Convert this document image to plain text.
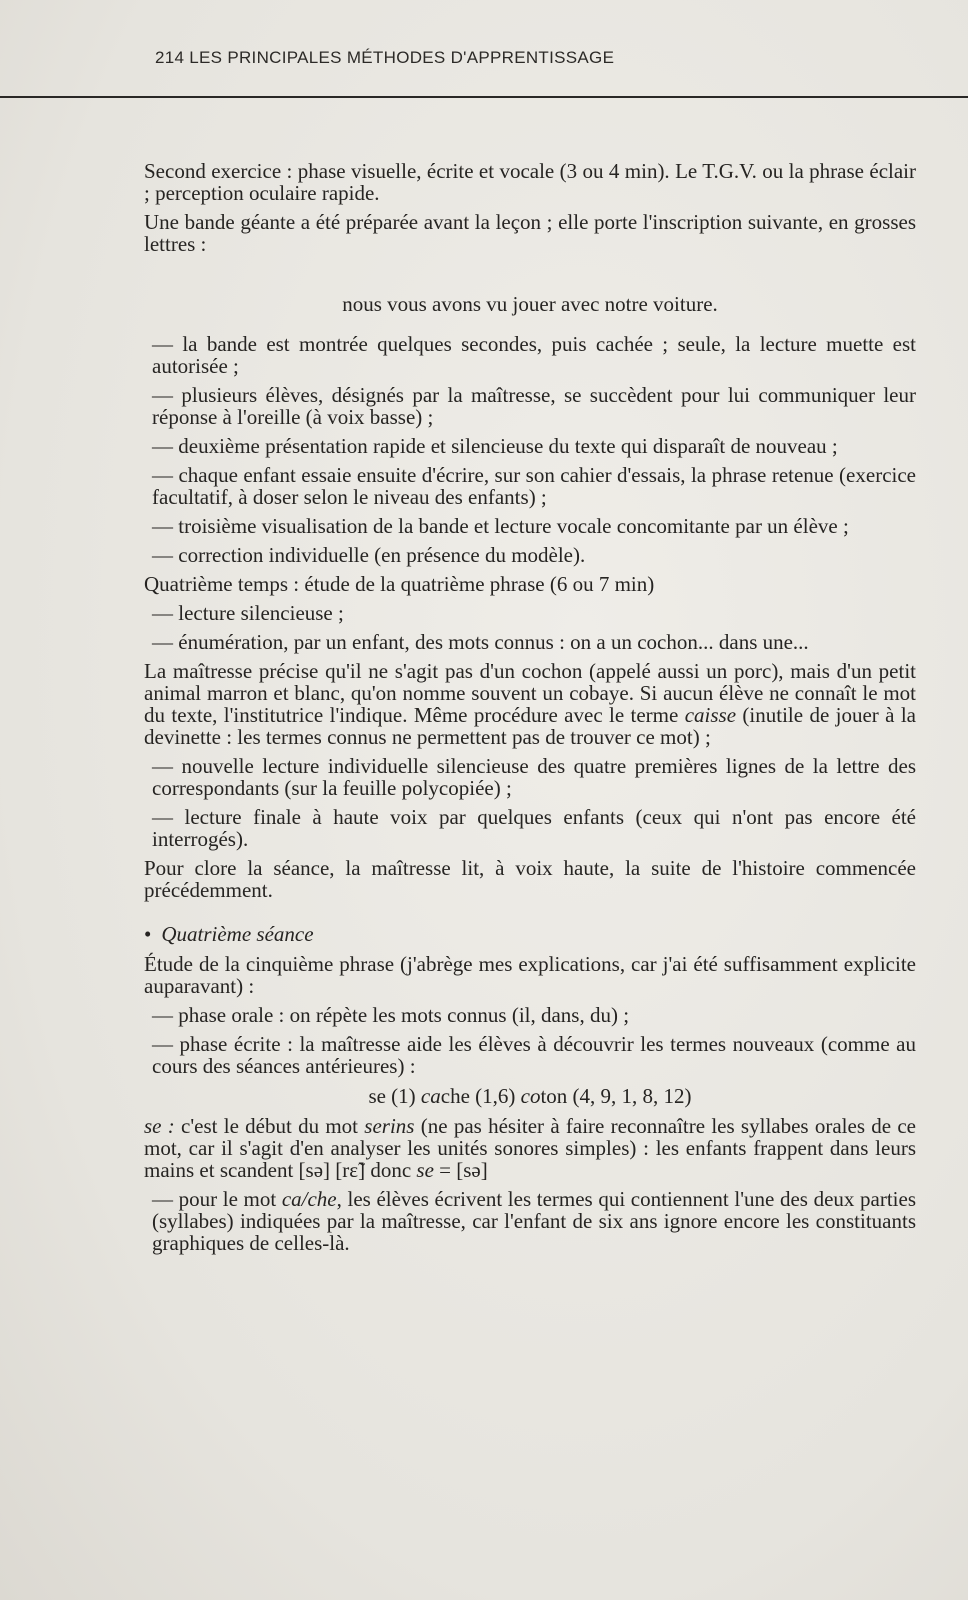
214 LES PRINCIPALES MÉTHODES D'APPRENTISSAGE

Second exercice : phase visuelle, écrite et vocale (3 ou 4 min). Le T.G.V. ou la phrase éclair ; perception oculaire rapide.

Une bande géante a été préparée avant la leçon ; elle porte l'inscription suivante, en grosses lettres :

nous vous avons vu jouer avec notre voiture.

— la bande est montrée quelques secondes, puis cachée ; seule, la lecture muette est autorisée ;

— plusieurs élèves, désignés par la maîtresse, se succèdent pour lui communiquer leur réponse à l'oreille (à voix basse) ;

— deuxième présentation rapide et silencieuse du texte qui disparaît de nouveau ;

— chaque enfant essaie ensuite d'écrire, sur son cahier d'essais, la phrase retenue (exercice facultatif, à doser selon le niveau des enfants) ;

— troisième visualisation de la bande et lecture vocale concomitante par un élève ;

— correction individuelle (en présence du modèle).

Quatrième temps : étude de la quatrième phrase (6 ou 7 min)

— lecture silencieuse ;

— énumération, par un enfant, des mots connus : on a un cochon... dans une...

La maîtresse précise qu'il ne s'agit pas d'un cochon (appelé aussi un porc), mais d'un petit animal marron et blanc, qu'on nomme souvent un cobaye. Si aucun élève ne connaît le mot du texte, l'institutrice l'indique. Même procédure avec le terme caisse (inutile de jouer à la devinette : les termes connus ne permettent pas de trouver ce mot) ;

— nouvelle lecture individuelle silencieuse des quatre premières lignes de la lettre des correspondants (sur la feuille polycopiée) ;

— lecture finale à haute voix par quelques enfants (ceux qui n'ont pas encore été interrogés).

Pour clore la séance, la maîtresse lit, à voix haute, la suite de l'histoire commencée précédemment.

• Quatrième séance

Étude de la cinquième phrase (j'abrège mes explications, car j'ai été suffisamment explicite auparavant) :

— phase orale : on répète les mots connus (il, dans, du) ;

— phase écrite : la maîtresse aide les élèves à découvrir les termes nouveaux (comme au cours des séances antérieures) :

se (1) cache (1,6) coton (4, 9, 1, 8, 12)

se : c'est le début du mot serins (ne pas hésiter à faire reconnaître les syllabes orales de ce mot, car il s'agit d'en analyser les unités sonores simples) : les enfants frappent dans leurs mains et scandent [sə] [rɛ̃] donc se = [sə]

— pour le mot ca/che, les élèves écrivent les termes qui contiennent l'une des deux parties (syllabes) indiquées par la maîtresse, car l'enfant de six ans ignore encore les constituants graphiques de celles-là.
